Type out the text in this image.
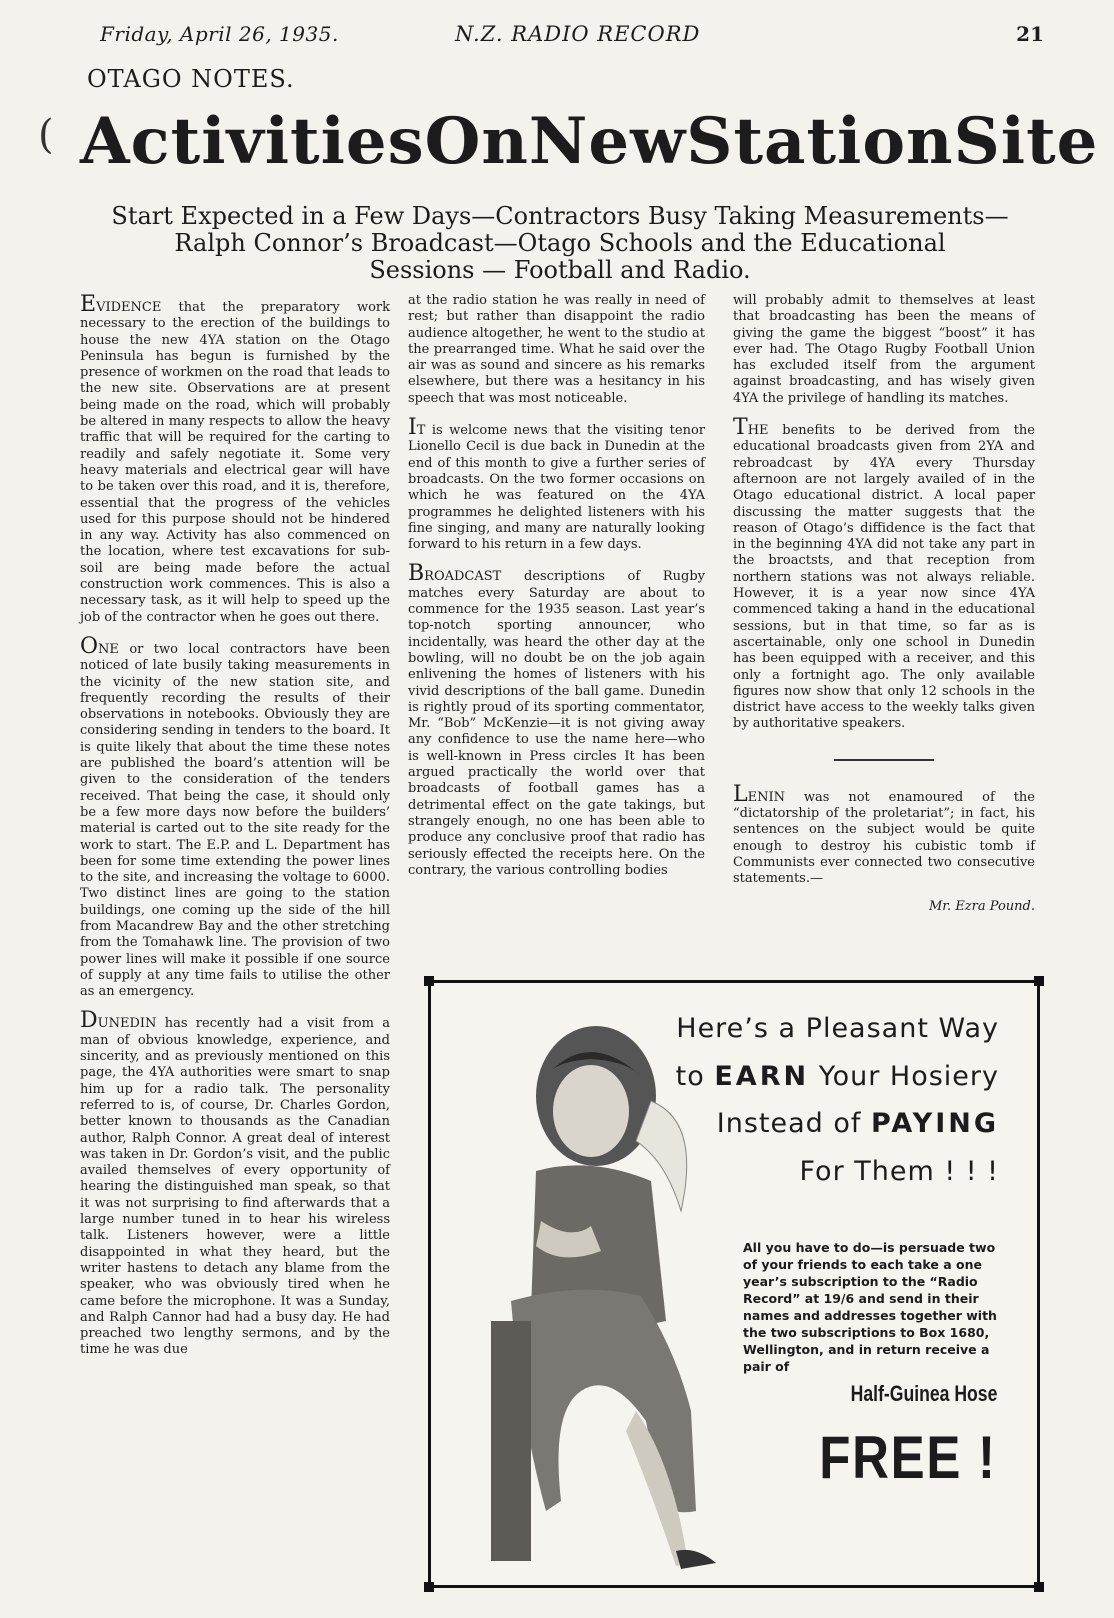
Friday, April 26, 1935.	N.Z. RADIO RECORD	21
OTAGO NOTES.
Activities On New Station Site
Start Expected in a Few Days—Contractors Busy Taking Measurements—
Ralph Connor’s Broadcast—Otago Schools and the Educational
Sessions — Football and Radio.

EVIDENCE that the preparatory work necessary to the erection of the buildings to house the new 4YA station on the Otago Peninsula has begun is furnished by the presence of workmen on the road that leads to the new site. Observations are at present being made on the road, which will probably be altered in many respects to allow the heavy traffic that will be required for the carting to readily and safely negotiate it. Some very heavy materials and electrical gear will have to be taken over this road, and it is, therefore, essential that the progress of the vehicles used for this purpose should not be hindered in any way. Activity has also commenced on the location, where test excavations for sub-soil are being made before the actual construction work commences. This is also a necessary task, as it will help to speed up the job of the contractor when he goes out there.

ONE or two local contractors have been noticed of late busily taking measurements in the vicinity of the new station site, and frequently recording the results of their observations in notebooks. Obviously they are considering sending in tenders to the board. It is quite likely that about the time these notes are published the board’s attention will be given to the consideration of the tenders received. That being the case, it should only be a few more days now before the builders’ material is carted out to the site ready for the work to start. The E.P. and L. Department has been for some time extending the power lines to the site, and increasing the voltage to 6000. Two distinct lines are going to the station buildings, one coming up the side of the hill from Macandrew Bay and the other stretching from the Tomahawk line. The provision of two power lines will make it possible if one source of supply at any time fails to utilise the other as an emergency.

DUNEDIN has recently had a visit from a man of obvious knowledge, experience, and sincerity, and as previously mentioned on this page, the 4YA authorities were smart to snap him up for a radio talk. The personality referred to is, of course, Dr. Charles Gordon, better known to thousands as the Canadian author, Ralph Connor. A great deal of interest was taken in Dr. Gordon’s visit, and the public availed themselves of every opportunity of hearing the distinguished man speak, so that it was not surprising to find afterwards that a large number tuned in to hear his wireless talk. Listeners however, were a little disappointed in what they heard, but the writer hastens to detach any blame from the speaker, who was obviously tired when he came before the microphone. It was a Sunday, and Ralph Cannor had had a busy day. He had preached two lengthy sermons, and by the time he was due

at the radio station he was really in need of rest; but rather than disappoint the radio audience altogether, he went to the studio at the prearranged time. What he said over the air was as sound and sincere as his remarks elsewhere, but there was a hesitancy in his speech that was most noticeable.

IT is welcome news that the visiting tenor Lionello Cecil is due back in Dunedin at the end of this month to give a further series of broadcasts. On the two former occasions on which he was featured on the 4YA programmes he delighted listeners with his fine singing, and many are naturally looking forward to his return in a few days.

BROADCAST descriptions of Rugby matches every Saturday are about to commence for the 1935 season. Last year’s top-notch sporting announcer, who incidentally, was heard the other day at the bowling, will no doubt be on the job again enlivening the homes of listeners with his vivid descriptions of the ball game. Dunedin is rightly proud of its sporting commentator, Mr. “Bob” McKenzie—it is not giving away any confidence to use the name here—who is well-known in Press circles It has been argued practically the world over that broadcasts of football games has a detrimental effect on the gate takings, but strangely enough, no one has been able to produce any conclusive proof that radio has seriously effected the receipts here. On the contrary, the various controlling bodies

will probably admit to themselves at least that broadcasting has been the means of giving the game the biggest “boost” it has ever had. The Otago Rugby Football Union has excluded itself from the argument against broadcasting, and has wisely given 4YA the privilege of handling its matches.

THE benefits to be derived from the educational broadcasts given from 2YA and rebroadcast by 4YA every Thursday afternoon are not largely availed of in the Otago educational district. A local paper discussing the matter suggests that the reason of Otago’s diffidence is the fact that in the beginning 4YA did not take any part in the broactsts, and that reception from northern stations was not always reliable. However, it is a year now since 4YA commenced taking a hand in the educational sessions, but in that time, so far as is ascertainable, only one school in Dunedin has been equipped with a receiver, and this only a fortnight ago. The only available figures now show that only 12 schools in the district have access to the weekly talks given by authoritative speakers.

LENIN was not enamoured of the “dictatorship of the proletariat”; in fact, his sentences on the subject would be quite enough to destroy his cubistic tomb if Communists ever connected two consecutive statements.—

Mr. Ezra Pound.
Here’s a Pleasant Way
to EARN Your Hosiery
Instead of PAYING
For Them ! ! !
All you have to do—is persuade two of your friends to each take a one year’s subscription to the “Radio Record” at 19/6 and send in their names and addresses together with the two subscriptions to Box 1680, Wellington, and in return receive a pair of
Half-Guinea Hose
FREE !
(
